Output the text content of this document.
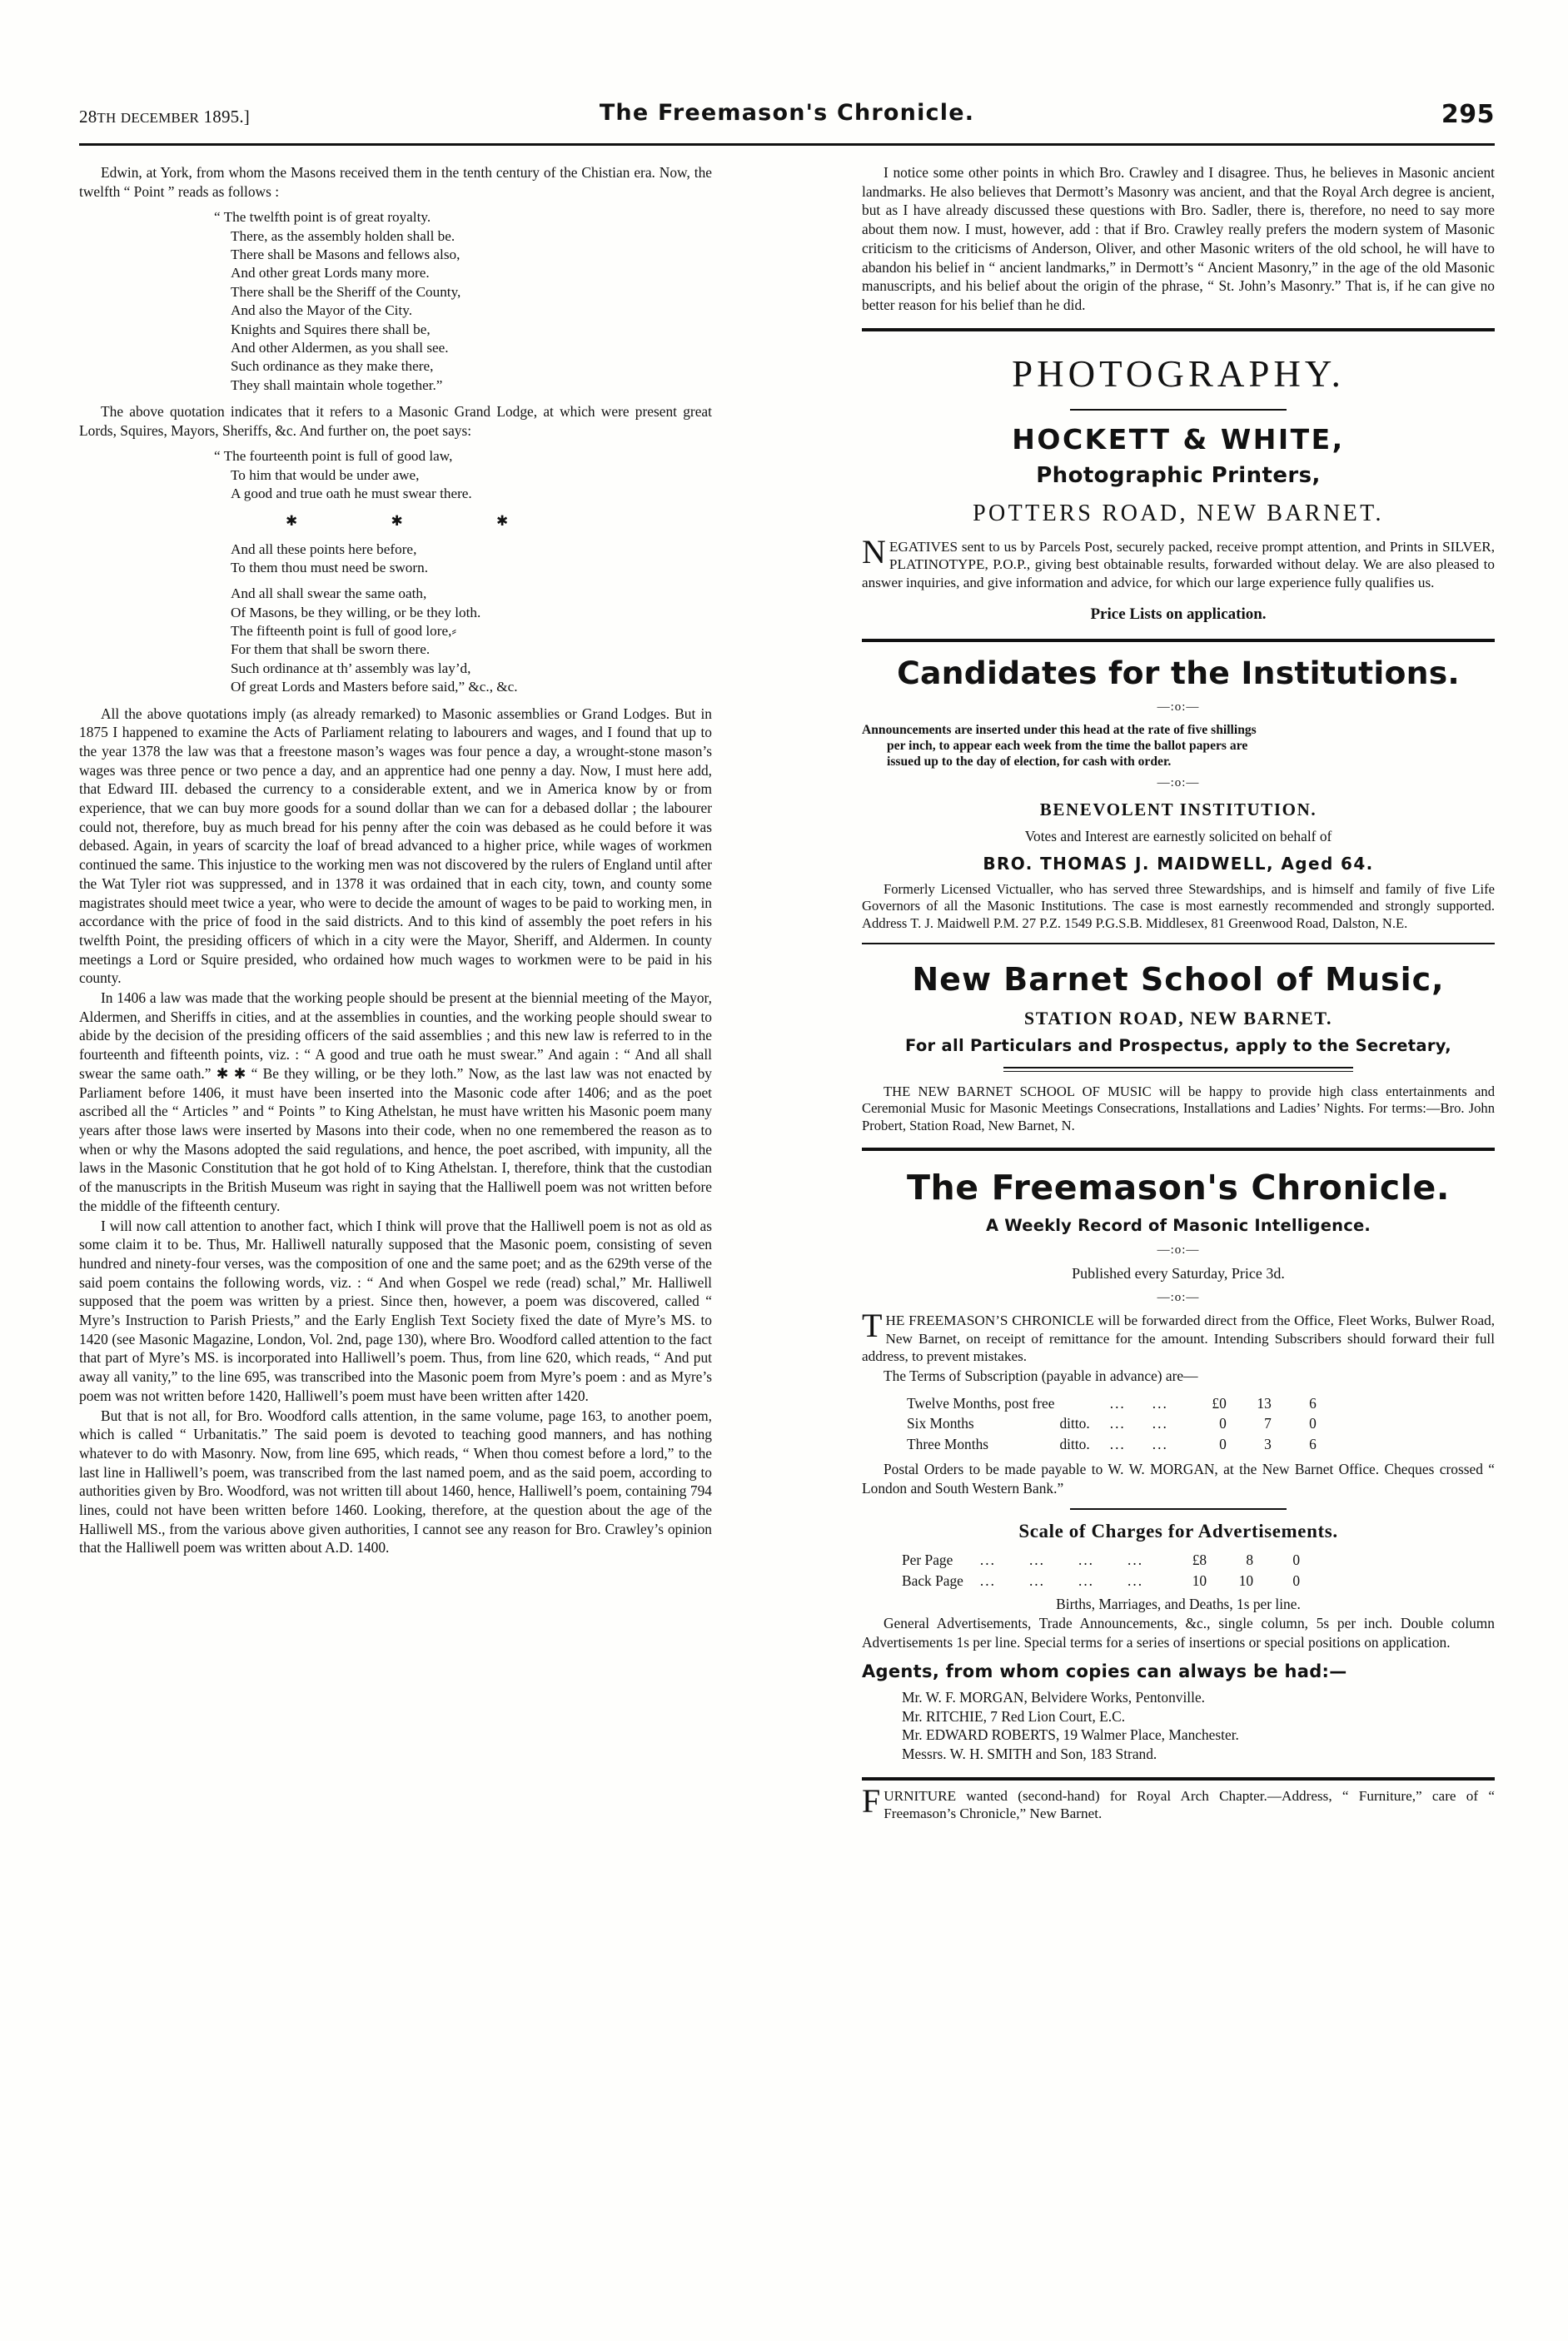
28TH DECEMBER 1895.]	The Freemason's Chronicle.	295

Edwin, at York, from whom the Masons received them in the tenth century of the Chistian era. Now, the twelfth “ Point ” reads as follows :

“ The twelfth point is of great royalty.
There, as the assembly holden shall be.
There shall be Masons and fellows also,
And other great Lords many more.
There shall be the Sheriff of the County,
And also the Mayor of the City.
Knights and Squires there shall be,
And other Aldermen, as you shall see.
Such ordinance as they make there,
They shall maintain whole together.”

The above quotation indicates that it refers to a Masonic Grand Lodge, at which were present great Lords, Squires, Mayors, Sheriffs, &c. And further on, the poet says:

“ The fourteenth point is full of good law,
To him that would be under awe,
A good and true oath he must swear there.
✱ ✱ ✱
And all these points here before,
To them thou must need be sworn.
And all shall swear the same oath,
Of Masons, be they willing, or be they loth.
The fifteenth point is full of good lore,⸗
For them that shall be sworn there.
Such ordinance at th’ assembly was lay’d,
Of great Lords and Masters before said,” &c., &c.

All the above quotations imply (as already remarked) to Masonic assemblies or Grand Lodges. But in 1875 I happened to examine the Acts of Parliament relating to labourers and wages, and I found that up to the year 1378 the law was that a freestone mason’s wages was four pence a day, a wrought-stone mason’s wages was three pence or two pence a day, and an apprentice had one penny a day. Now, I must here add, that Edward III. debased the currency to a considerable extent, and we in America know by or from experience, that we can buy more goods for a sound dollar than we can for a debased dollar ; the labourer could not, therefore, buy as much bread for his penny after the coin was debased as he could before it was debased. Again, in years of scarcity the loaf of bread advanced to a higher price, while wages of workmen continued the same. This injustice to the working men was not discovered by the rulers of England until after the Wat Tyler riot was suppressed, and in 1378 it was ordained that in each city, town, and county some magistrates should meet twice a year, who were to decide the amount of wages to be paid to working men, in accordance with the price of food in the said districts. And to this kind of assembly the poet refers in his twelfth Point, the presiding officers of which in a city were the Mayor, Sheriff, and Aldermen. In county meetings a Lord or Squire presided, who ordained how much wages to workmen were to be paid in his county.

In 1406 a law was made that the working people should be present at the biennial meeting of the Mayor, Aldermen, and Sheriffs in cities, and at the assemblies in counties, and the working people should swear to abide by the decision of the presiding officers of the said assemblies ; and this new law is referred to in the fourteenth and fifteenth points, viz. : “ A good and true oath he must swear.” And again : “ And all shall swear the same oath.” ✱ ✱ “ Be they willing, or be they loth.” Now, as the last law was not enacted by Parliament before 1406, it must have been inserted into the Masonic code after 1406; and as the poet ascribed all the “ Articles ” and “ Points ” to King Athelstan, he must have written his Masonic poem many years after those laws were inserted by Masons into their code, when no one remembered the reason as to when or why the Masons adopted the said regulations, and hence, the poet ascribed, with impunity, all the laws in the Masonic Constitution that he got hold of to King Athelstan. I, therefore, think that the custodian of the manuscripts in the British Museum was right in saying that the Halliwell poem was not written before the middle of the fifteenth century.

I will now call attention to another fact, which I think will prove that the Halliwell poem is not as old as some claim it to be. Thus, Mr. Halliwell naturally supposed that the Masonic poem, consisting of seven hundred and ninety-four verses, was the composition of one and the same poet; and as the 629th verse of the said poem contains the following words, viz. : “ And when Gospel we rede (read) schal,” Mr. Halliwell supposed that the poem was written by a priest. Since then, however, a poem was discovered, called “ Myre’s Instruction to Parish Priests,” and the Early English Text Society fixed the date of Myre’s MS. to 1420 (see Masonic Magazine, London, Vol. 2nd, page 130), where Bro. Woodford called attention to the fact that part of Myre’s MS. is incorporated into Halliwell’s poem. Thus, from line 620, which reads, “ And put away all vanity,” to the line 695, was transcribed into the Masonic poem from Myre’s poem : and as Myre’s poem was not written before 1420, Halliwell’s poem must have been written after 1420.

But that is not all, for Bro. Woodford calls attention, in the same volume, page 163, to another poem, which is called “ Urbanitatis.” The said poem is devoted to teaching good manners, and has nothing whatever to do with Masonry. Now, from line 695, which reads, “ When thou comest before a lord,” to the last line in Halliwell’s poem, was transcribed from the last named poem, and as the said poem, according to authorities given by Bro. Woodford, was not written till about 1460, hence, Halliwell’s poem, containing 794 lines, could not have been written before 1460. Looking, therefore, at the question about the age of the Halliwell MS., from the various above given authorities, I cannot see any reason for Bro. Crawley’s opinion that the Halliwell poem was written about A.D. 1400.

I notice some other points in which Bro. Crawley and I disagree. Thus, he believes in Masonic ancient landmarks. He also believes that Dermott’s Masonry was ancient, and that the Royal Arch degree is ancient, but as I have already discussed these questions with Bro. Sadler, there is, therefore, no need to say more about them now. I must, however, add : that if Bro. Crawley really prefers the modern system of Masonic criticism to the criticisms of Anderson, Oliver, and other Masonic writers of the old school, he will have to abandon his belief in “ ancient landmarks,” in Dermott’s “ Ancient Masonry,” in the age of the old Masonic manuscripts, and his belief about the origin of the phrase, “ St. John’s Masonry.” That is, if he can give no better reason for his belief than he did.

PHOTOGRAPHY.
HOCKETT & WHITE,
Photographic Printers,
POTTERS ROAD, NEW BARNET.

NEGATIVES sent to us by Parcels Post, securely packed, receive prompt attention, and Prints in SILVER, PLATINOTYPE, P.O.P., giving best obtainable results, forwarded without delay. We are also pleased to answer inquiries, and give information and advice, for which our large experience fully qualifies us.

Price Lists on application.

Candidates for the Institutions.
—:o:—

Announcements are inserted under this head at the rate of five shillings
per inch, to appear each week from the time the ballot papers are
issued up to the day of election, for cash with order.

—:o:—
BENEVOLENT INSTITUTION.

Votes and Interest are earnestly solicited on behalf of

BRO. THOMAS J. MAIDWELL, Aged 64.

Formerly Licensed Victualler, who has served three Stewardships, and is himself and family of five Life Governors of all the Masonic Institutions. The case is most earnestly recommended and strongly supported. Address T. J. Maidwell P.M. 27 P.Z. 1549 P.G.S.B. Middlesex, 81 Greenwood Road, Dalston, N.E.

New Barnet School of Music,
STATION ROAD, NEW BARNET.
For all Particulars and Prospectus, apply to the Secretary,

THE NEW BARNET SCHOOL OF MUSIC will be happy to provide high class entertainments and Ceremonial Music for Masonic Meetings Consecrations, Installations and Ladies’ Nights. For terms:—Bro. John Probert, Station Road, New Barnet, N.

The Freemason's Chronicle.
A Weekly Record of Masonic Intelligence.
—:o:—
Published every Saturday, Price 3d.
—:o:—

THE FREEMASON’S CHRONICLE will be forwarded direct from the Office, Fleet Works, Bulwer Road, New Barnet, on receipt of remittance for the amount. Intending Subscribers should forward their full address, to prevent mistakes.

The Terms of Subscription (payable in advance) are—

Twelve Months, post free		...	...	£0	13	6
Six Months	ditto.	...	...	0	7	0
Three Months	ditto.	...	...	0	3	6

Postal Orders to be made payable to W. W. MORGAN, at the New Barnet Office. Cheques crossed “ London and South Western Bank.”

Scale of Charges for Advertisements.
Per Page	...	...	...	...	£8	8	0
Back Page	...	...	...	...	10	10	0

Births, Marriages, and Deaths, 1s per line.

General Advertisements, Trade Announcements, &c., single column, 5s per inch. Double column Advertisements 1s per line. Special terms for a series of insertions or special positions on application.

Agents, from whom copies can always be had:—
Mr. W. F. MORGAN, Belvidere Works, Pentonville.
Mr. RITCHIE, 7 Red Lion Court, E.C.
Mr. EDWARD ROBERTS, 19 Walmer Place, Manchester.
Messrs. W. H. SMITH and Son, 183 Strand.

FURNITURE wanted (second-hand) for Royal Arch Chapter.—Address, “ Furniture,” care of “ Freemason’s Chronicle,” New Barnet.
